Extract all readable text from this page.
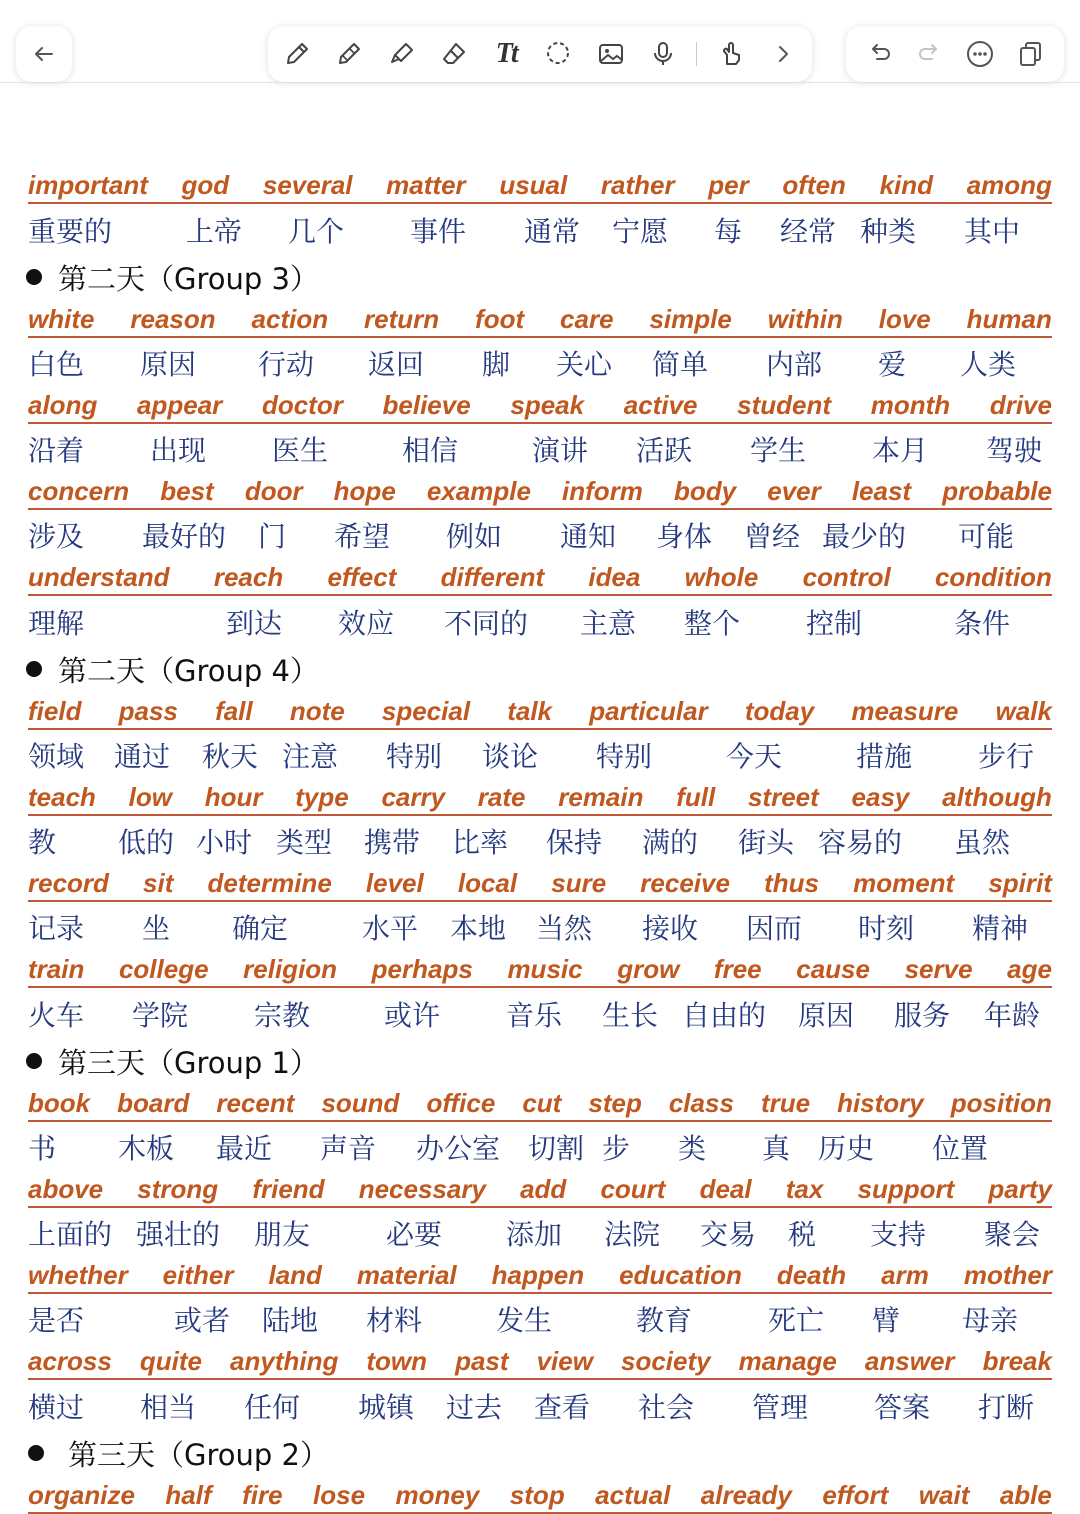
Tt
important god several matter usual rather per often kind among
重要的	上帝 几个 事件 通常 宁愿 每 经常 种类 其中
第二天（Group 3）
white reason action return foot care simple within love human
白色 原因 行动 返回 脚 关心 简单 内部 爱 人类
along appear doctor believe speak active student month drive
沿着 出现 医生	相信	演讲 活跃 学生 本月 驾驶
concern best door hope example inform body ever least probable
涉及 最好的 门 希望 例如 通知 身体 曾经 最少的 可能
understand reach effect different idea whole control condition
理解	到达 效应 不同的 主意 整个 控制	条件
第二天（Group 4）
field pass fall note special talk particular today measure walk
领域 通过 秋天 注意 特别 谈论 特别	今天	措施 步行
teach low hour type carry rate remain full street easy although
教 低的 小时 类型 携带 比率 保持 满的 街头 容易的 虽然
record sit determine level local sure receive thus moment spirit
记录 坐 确定	水平 本地 当然 接收 因而 时刻 精神
train college religion perhaps music grow free cause serve age
火车 学院 宗教	或许 音乐 生长 自由的 原因 服务 年龄
第三天（Group 1）
book board recent sound office cut step class true history position
书 木板 最近 声音 办公室 切割 步 类 真 历史 位置
above strong friend necessary add court deal tax support party
上面的 强壮的 朋友	必要 添加 法院 交易 税 支持 聚会
whether either land material happen education death arm mother
是否	或者 陆地 材料	发生	教育	死亡 臂 母亲
across quite anything town past view society manage answer break
横过 相当 任何 城镇 过去 查看 社会 管理 答案 打断
第三天（Group 2）
organize half fire lose money stop actual already effort wait able
